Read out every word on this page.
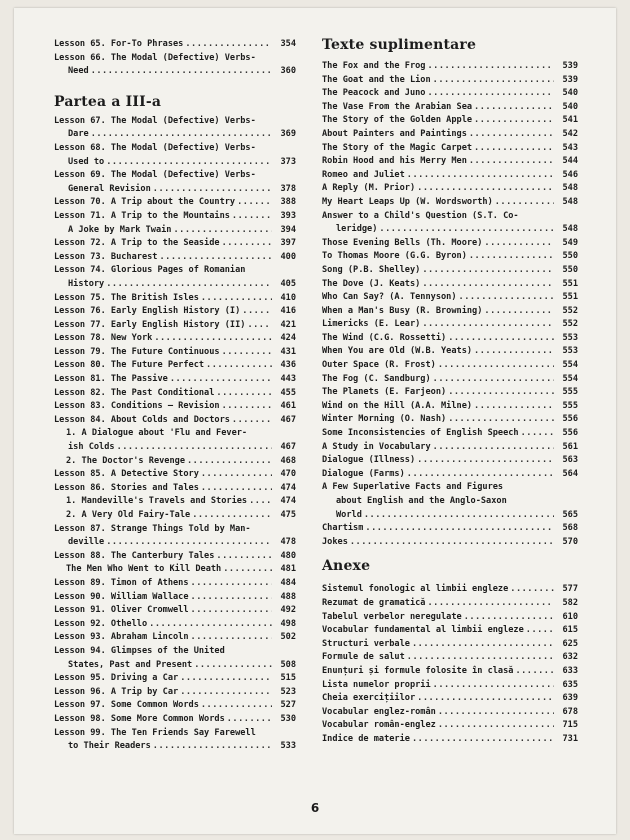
Lesson 65. For-To Phrases .....	354
Lesson 66. The Modal (Defective) Verbs-
Need .....	360
Partea a III-a
Lesson 67. The Modal (Defective) Verbs-
Dare .....	369
Lesson 68. The Modal (Defective) Verbs-
Used to .....	373
Lesson 69. The Modal (Defective) Verbs-
General Revision .....	378
Lesson 70. A Trip about the Country .....	388
Lesson 71. A Trip to the Mountains .....	393
A Joke by Mark Twain .....	394
Lesson 72. A Trip to the Seaside .....	397
Lesson 73. Bucharest .....	400
Lesson 74. Glorious Pages of Romanian
History .....	405
Lesson 75. The British Isles .....	410
Lesson 76. Early English History (I) .....	416
Lesson 77. Early English History (II) .....	421
Lesson 78. New York .....	424
Lesson 79. The Future Continuous .....	431
Lesson 80. The Future Perfect .....	436
Lesson 81. The Passive .....	443
Lesson 82. The Past Conditional .....	455
Lesson 83. Conditions — Revision .....	461
Lesson 84. About Colds and Doctors .....	467
1. A Dialogue about 'Flu and Fever-
ish Colds .....	467
2. The Doctor's Revenge .....	468
Lesson 85. A Detective Story .....	470
Lesson 86. Stories and Tales .....	474
1. Mandeville's Travels and Stories .....	474
2. A Very Old Fairy-Tale .....	475
Lesson 87. Strange Things Told by Man-
deville .....	478
Lesson 88. The Canterbury Tales .....	480
The Men Who Went to Kill Death .....	481
Lesson 89. Timon of Athens .....	484
Lesson 90. William Wallace .....	488
Lesson 91. Oliver Cromwell .....	492
Lesson 92. Othello .....	498
Lesson 93. Abraham Lincoln .....	502
Lesson 94. Glimpses of the United
States, Past and Present .....	508
Lesson 95. Driving a Car .....	515
Lesson 96. A Trip by Car .....	523
Lesson 97. Some Common Words .....	527
Lesson 98. Some More Common Words .....	530
Lesson 99. The Ten Friends Say Farewell
to Their Readers .....	533
Texte suplimentare
The Fox and the Frog .....	539
The Goat and the Lion .....	539
The Peacock and Juno .....	540
The Vase From the Arabian Sea .....	540
The Story of the Golden Apple .....	541
About Painters and Paintings .....	542
The Story of the Magic Carpet .....	543
Robin Hood and his Merry Men .....	544
Romeo and Juliet .....	546
A Reply (M. Prior) .....	548
My Heart Leaps Up (W. Wordsworth) .....	548
Answer to a Child's Question (S.T. Co-
leridge) .....	548
Those Evening Bells (Th. Moore) .....	549
To Thomas Moore (G.G. Byron) .....	550
Song (P.B. Shelley) .....	550
The Dove (J. Keats) .....	551
Who Can Say? (A. Tennyson) .....	551
When a Man's Busy (R. Browning) .....	552
Limericks (E. Lear) .....	552
The Wind (C.G. Rossetti) .....	553
When You are Old (W.B. Yeats) .....	553
Outer Space (R. Frost) .....	554
The Fog (C. Sandburg) .....	554
The Planets (E. Farjeon) .....	555
Wind on the Hill (A.A. Milne) .....	555
Winter Morning (O. Nash) .....	556
Some Inconsistencies of English Speech .....	556
A Study in Vocabulary .....	561
Dialogue (Illness) .....	563
Dialogue (Farms) .....	564
A Few Superlative Facts and Figures
about English and the Anglo-Saxon
World .....	565
Chartism .....	568
Jokes .....	570
Anexe
Sistemul fonologic al limbii engleze .....	577
Rezumat de gramatică .....	582
Tabelul verbelor neregulate .....	610
Vocabular fundamental al limbii engleze .....	615
Structuri verbale .....	625
Formule de salut .....	632
Enunțuri și formule folosite în clasă .....	633
Lista numelor proprii .....	635
Cheia exercițiilor .....	639
Vocabular englez-român .....	678
Vocabular român-englez .....	715
Indice de materie .....	731
6
